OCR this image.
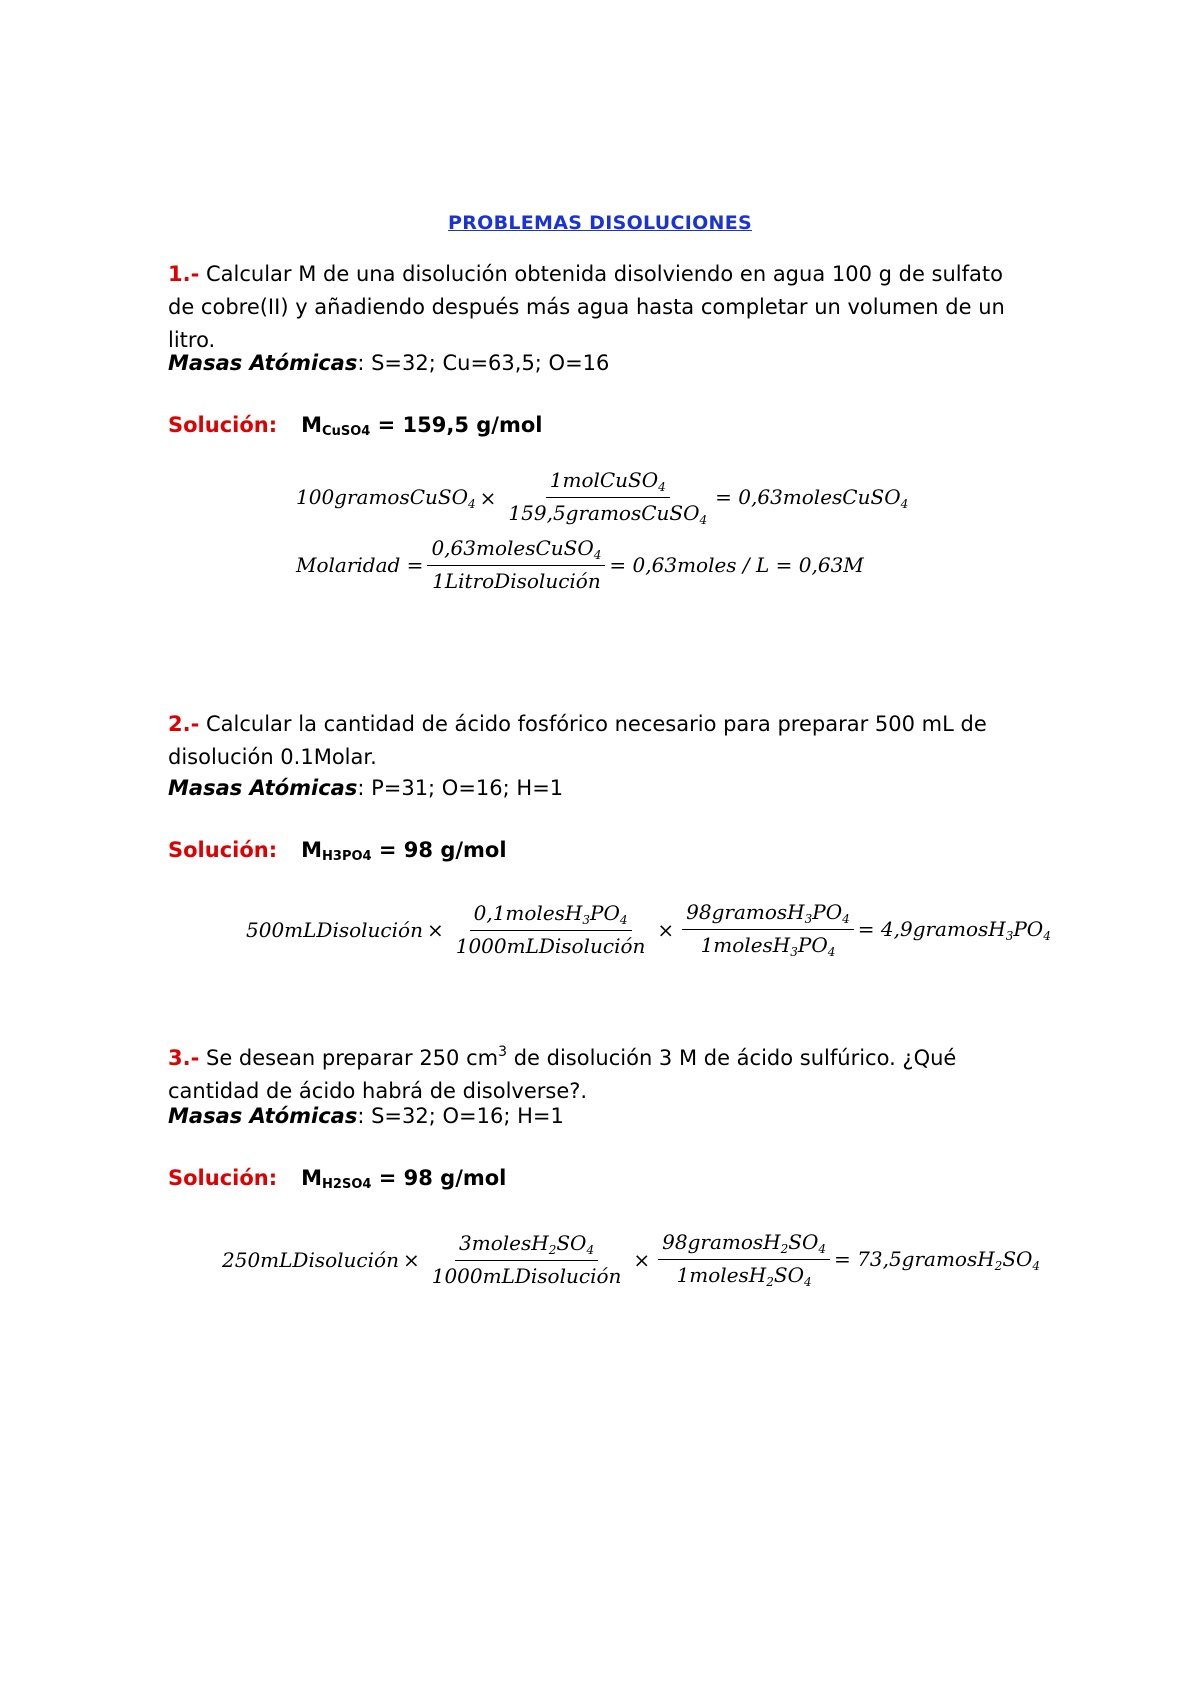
PROBLEMAS DISOLUCIONES
1.- Calcular M de una disolución obtenida disolviendo en agua 100 g de sulfato
de cobre(II) y añadiendo después más agua hasta completar un volumen de un
litro.
Masas Atómicas: S=32; Cu=63,5; O=16
Solución: $M_{CuSO4} = 159,5$ g/mol
100gramosCuSO$_4$ × $\frac{1molCuSO_4}{159,5gramosCuSO_4}$ = 0,63molesCuSO$_4$
Molaridad = $\frac{0,63molesCuSO_4}{\text{1LitroDisolución}}$ = 0,63moles / L = 0,63M
2.- Calcular la cantidad de ácido fosfórico necesario para preparar 500 mL de
disolución 0.1Molar.
Masas Atómicas: P=31; O=16; H=1
Solución: $M_{H3PO4} = 98$ g/mol
500mLDisolución × $\frac{0,1molesH_3PO_4}{\text{1000mLDisolución}} \times \frac{98gramosH_3PO_4}{1molesH_3PO_4}$ = $4,9gramosH_3PO_4$
3.- Se desean preparar 250 $cm^3$ de disolución 3 M de ácido sulfúrico. ¿Qué
cantidad de ácido habrá de disolverse?.
Masas Atómicas: S=32; O=16; H=1
Solución: $M_{H2SO4} = 98$ g/mol
250mLDisolución × $\frac{3molesH_2SO_4}{\text{1000mLDisolución}} \times \frac{98gramosH_2SO_4}{1molesH_2SO_4}$ = $73,5gramosH_2SO_4$
